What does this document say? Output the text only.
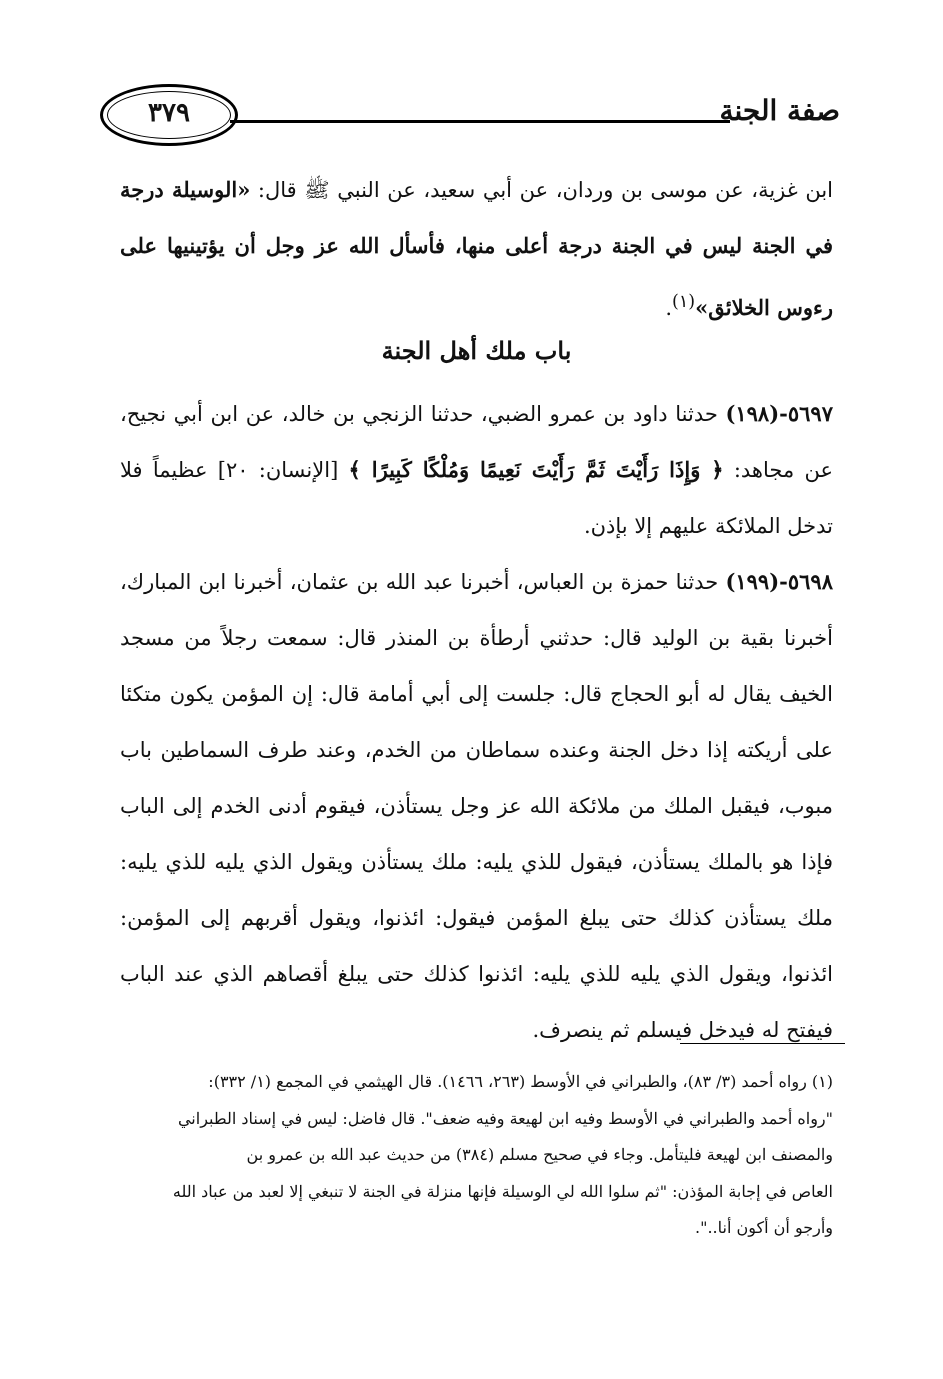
٣٧٩	صفة الجنة
ابن غزية، عن موسى بن وردان، عن أبي سعيد، عن النبي ﷺ قال: «الوسيلة درجة في الجنة ليس في الجنة درجة أعلى منها، فأسأل الله عز وجل أن يؤتينيها على رءوس الخلائق»$^{(١)}$.
باب ملك أهل الجنة
٥٦٩٧-(١٩٨) حدثنا داود بن عمرو الضبي، حدثنا الزنجي بن خالد، عن ابن أبي نجيح، عن مجاهد: ﴿ وَإِذَا رَأَيْتَ ثَمَّ رَأَيْتَ نَعِيمًا وَمُلْكًا كَبِيرًا ﴾ [الإنسان: ٢٠] عظيماً فلا تدخل الملائكة عليهم إلا بإذن.
٥٦٩٨-(١٩٩) حدثنا حمزة بن العباس، أخبرنا عبد الله بن عثمان، أخبرنا ابن المبارك، أخبرنا بقية بن الوليد قال: حدثني أرطأة بن المنذر قال: سمعت رجلاً من مسجد الخيف يقال له أبو الحجاج قال: جلست إلى أبي أمامة قال: إن المؤمن يكون متكئا على أريكته إذا دخل الجنة وعنده سماطان من الخدم، وعند طرف السماطين باب مبوب، فيقبل الملك من ملائكة الله عز وجل يستأذن، فيقوم أدنى الخدم إلى الباب فإذا هو بالملك يستأذن، فيقول للذي يليه: ملك يستأذن ويقول الذي يليه للذي يليه: ملك يستأذن كذلك حتى يبلغ المؤمن فيقول: ائذنوا، ويقول أقربهم إلى المؤمن: ائذنوا، ويقول الذي يليه للذي يليه: ائذنوا كذلك حتى يبلغ أقصاهم الذي عند الباب فيفتح له فيدخل فيسلم ثم ينصرف.
(١) رواه أحمد (٣/ ٨٣)، والطبراني في الأوسط (٢٦٣، ١٤٦٦). قال الهيثمي في المجمع (١/ ٣٣٢):
"رواه أحمد والطبراني في الأوسط وفيه ابن لهيعة وفيه ضعف". قال فاضل: ليس في إسناد الطبراني
والمصنف ابن لهيعة فليتأمل. وجاء في صحيح مسلم (٣٨٤) من حديث عبد الله بن عمرو بن
العاص في إجابة المؤذن: "ثم سلوا الله لي الوسيلة فإنها منزلة في الجنة لا تنبغي إلا لعبد من عباد الله
وأرجو أن أكون أنا..".
